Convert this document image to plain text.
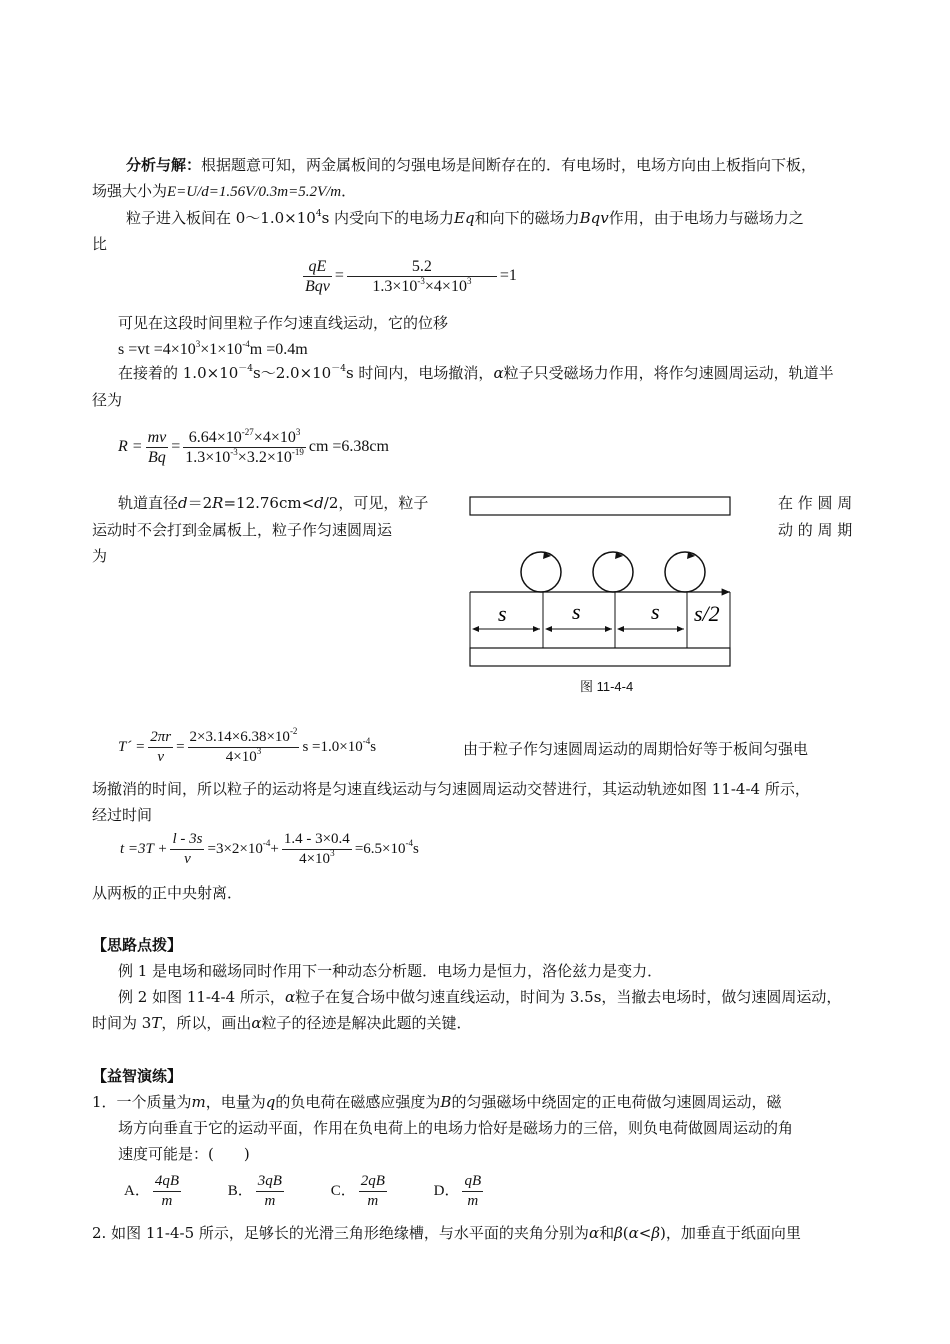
分析与解：根据题意可知，两金属板间的匀强电场是间断存在的．有电场时，电场方向由上板指向下板，
场强大小为E=U/d=1.56V/0.3m=5.2V/m．
粒子进入板间在 $0\sim 1.0\times 10^4s$ 内受向下的电场力Eq和向下的磁场力Bqv作用，由于电场力与磁场力之
比
$\frac{qE}{\text{Bqv}} = \frac{5.2}{1.3\times 10^{-3}\times 4\times 10^3} =1$
可见在这段时间里粒子作匀速直线运动，它的位移
$s =vt =4\times 10^3\times 1\times 10^{-4}m =0.4m$
在接着的 $1.0\times 10^{-4}s\sim 2.0\times 10^{-4}s$ 时间内，电场撤消，α粒子只受磁场力作用，将作匀速圆周运动，轨道半
径为
$R = \frac{mv}{Bq} = \frac{6.64\times 10^{-27}\times 4\times 10^3}{1.3\times 10^{-3}\times 3.2\times 10^{-19}}$ cm =6.38cm
轨道直径d＝2R=12.76cm<d/2，可见，粒子	在 作 圆 周
运动时不会打到金属板上，粒子作匀速圆周运	动 的 周 期
为
s	s	s s/2
图 11-4-4
T´ = $\frac{2\pi r}{v} = \frac{2\times 3.14\times 6.38\times 10^{-2}}{4\times 10^3}$ $s =1.0\times 10^{-4}s$	由于粒子作匀速圆周运动的周期恰好等于板间匀强电
场撤消的时间，所以粒子的运动将是匀速直线运动与匀速圆周运动交替进行，其运动轨迹如图 11-4-4 所示，
经过时间
$t =3T + \frac{l - 3s}{v} =3\times 2\times 10^{-4}+ \frac{1.4 - 3\times 0.4}{4\times 10^3} =6.5\times 10^{-4}s$
从两板的正中央射离．
【思路点拨】
例 1 是电场和磁场同时作用下一种动态分析题．电场力是恒力，洛伦兹力是变力．
例 2 如图 11-4-4 所示，α粒子在复合场中做匀速直线运动，时间为 3.5s，当撤去电场时，做匀速圆周运动，
时间为 3T，所以，画出α粒子的径迹是解决此题的关键．
【益智演练】
1．一个质量为m，电量为q的负电荷在磁感应强度为B的匀强磁场中绕固定的正电荷做匀速圆周运动，磁
场方向垂直于它的运动平面，作用在负电荷上的电场力恰好是磁场力的三倍，则负电荷做圆周运动的角
速度可能是：(　　)
A． $\frac{4qB}{m}$	B． $\frac{3qB}{m}$	C． $\frac{2qB}{m}$	D． $\frac{qB}{m}$
2. 如图 11-4-5 所示，足够长的光滑三角形绝缘槽，与水平面的夹角分别为α和β(α<β)，加垂直于纸面向里
